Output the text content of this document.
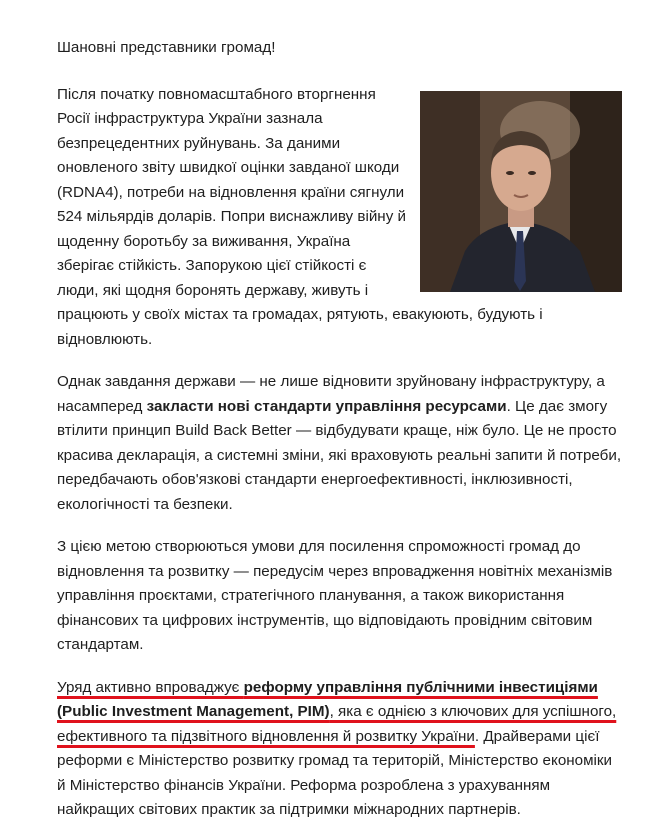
Шановні представники громад!

Після початку повномасштабного вторгнення Росії інфраструктура України зазнала безпрецедентних руйнувань. За даними оновленого звіту швидкої оцінки завданої шкоди (RDNA4), потреби на відновлення країни сягнули 524 мільярдів доларів. Попри виснажливу війну й щоденну боротьбу за виживання, Україна зберігає стійкість. Запорукою цієї стійкості є люди, які щодня боронять державу, живуть і працюють у своїх містах та громадах, рятують, евакуюють, будують і відновлюють.

Однак завдання держави — не лише відновити зруйновану інфраструктуру, а насамперед закласти нові стандарти управління ресурсами. Це дає змогу втілити принцип Build Back Better — відбудувати краще, ніж було. Це не просто красива декларація, а системні зміни, які враховують реальні запити й потреби, передбачають обов'язкові стандарти енергоефективності, інклюзивності, екологічності та безпеки.

З цією метою створюються умови для посилення спроможності громад до відновлення та розвитку — передусім через впровадження новітніх механізмів управління проєктами, стратегічного планування, а також використання фінансових та цифрових інструментів, що відповідають провідним світовим стандартам.

Уряд активно впроваджує реформу управління публічними інвестиціями (Public Investment Management, PIM), яка є однією з ключових для успішного, ефективного та підзвітного відновлення й розвитку України. Драйверами цієї реформи є Міністерство розвитку громад та територій, Міністерство економіки й Міністерство фінансів України. Реформа розроблена з урахуванням найкращих світових практик за підтримки міжнародних партнерів.
